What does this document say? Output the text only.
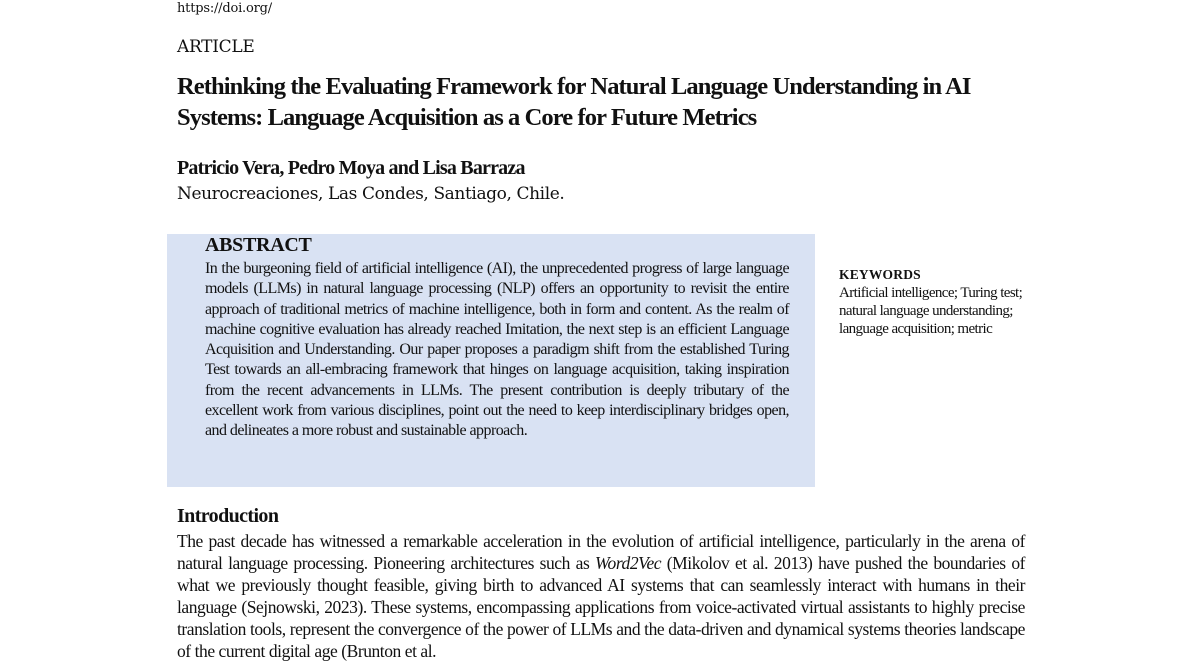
https://doi.org/
ARTICLE
Rethinking the Evaluating Framework for Natural Language Understanding in AI Systems: Language Acquisition as a Core for Future Metrics
Patricio Vera, Pedro Moya and Lisa Barraza
Neurocreaciones, Las Condes, Santiago, Chile.
ABSTRACT

In the burgeoning field of artificial intelligence (AI), the unprecedented progress of large language models (LLMs) in natural language processing (NLP) offers an opportunity to revisit the entire approach of traditional metrics of machine intelligence, both in form and content. As the realm of machine cognitive evaluation has already reached Imitation, the next step is an efficient Language Acquisition and Understanding. Our paper proposes a paradigm shift from the established Turing Test towards an all-embracing framework that hinges on language acquisition, taking inspiration from the recent advancements in LLMs. The present contribution is deeply tributary of the excellent work from various disciplines, point out the need to keep interdisciplinary bridges open, and delineates a more robust and sustainable approach.

KEYWORDS

Artificial intelligence; Turing test; natural language understanding; language acquisition; metric

Introduction

The past decade has witnessed a remarkable acceleration in the evolution of artificial intelligence, particularly in the arena of natural language processing. Pioneering architectures such as Word2Vec (Mikolov et al. 2013) have pushed the boundaries of what we previously thought feasible, giving birth to advanced AI systems that can seamlessly interact with humans in their language (Sejnowski, 2023). These systems, encompassing applications from voice-activated virtual assistants to highly precise translation tools, represent the convergence of the power of LLMs and the data-driven and dynamical systems theories landscape of the current digital age (Brunton et al.
